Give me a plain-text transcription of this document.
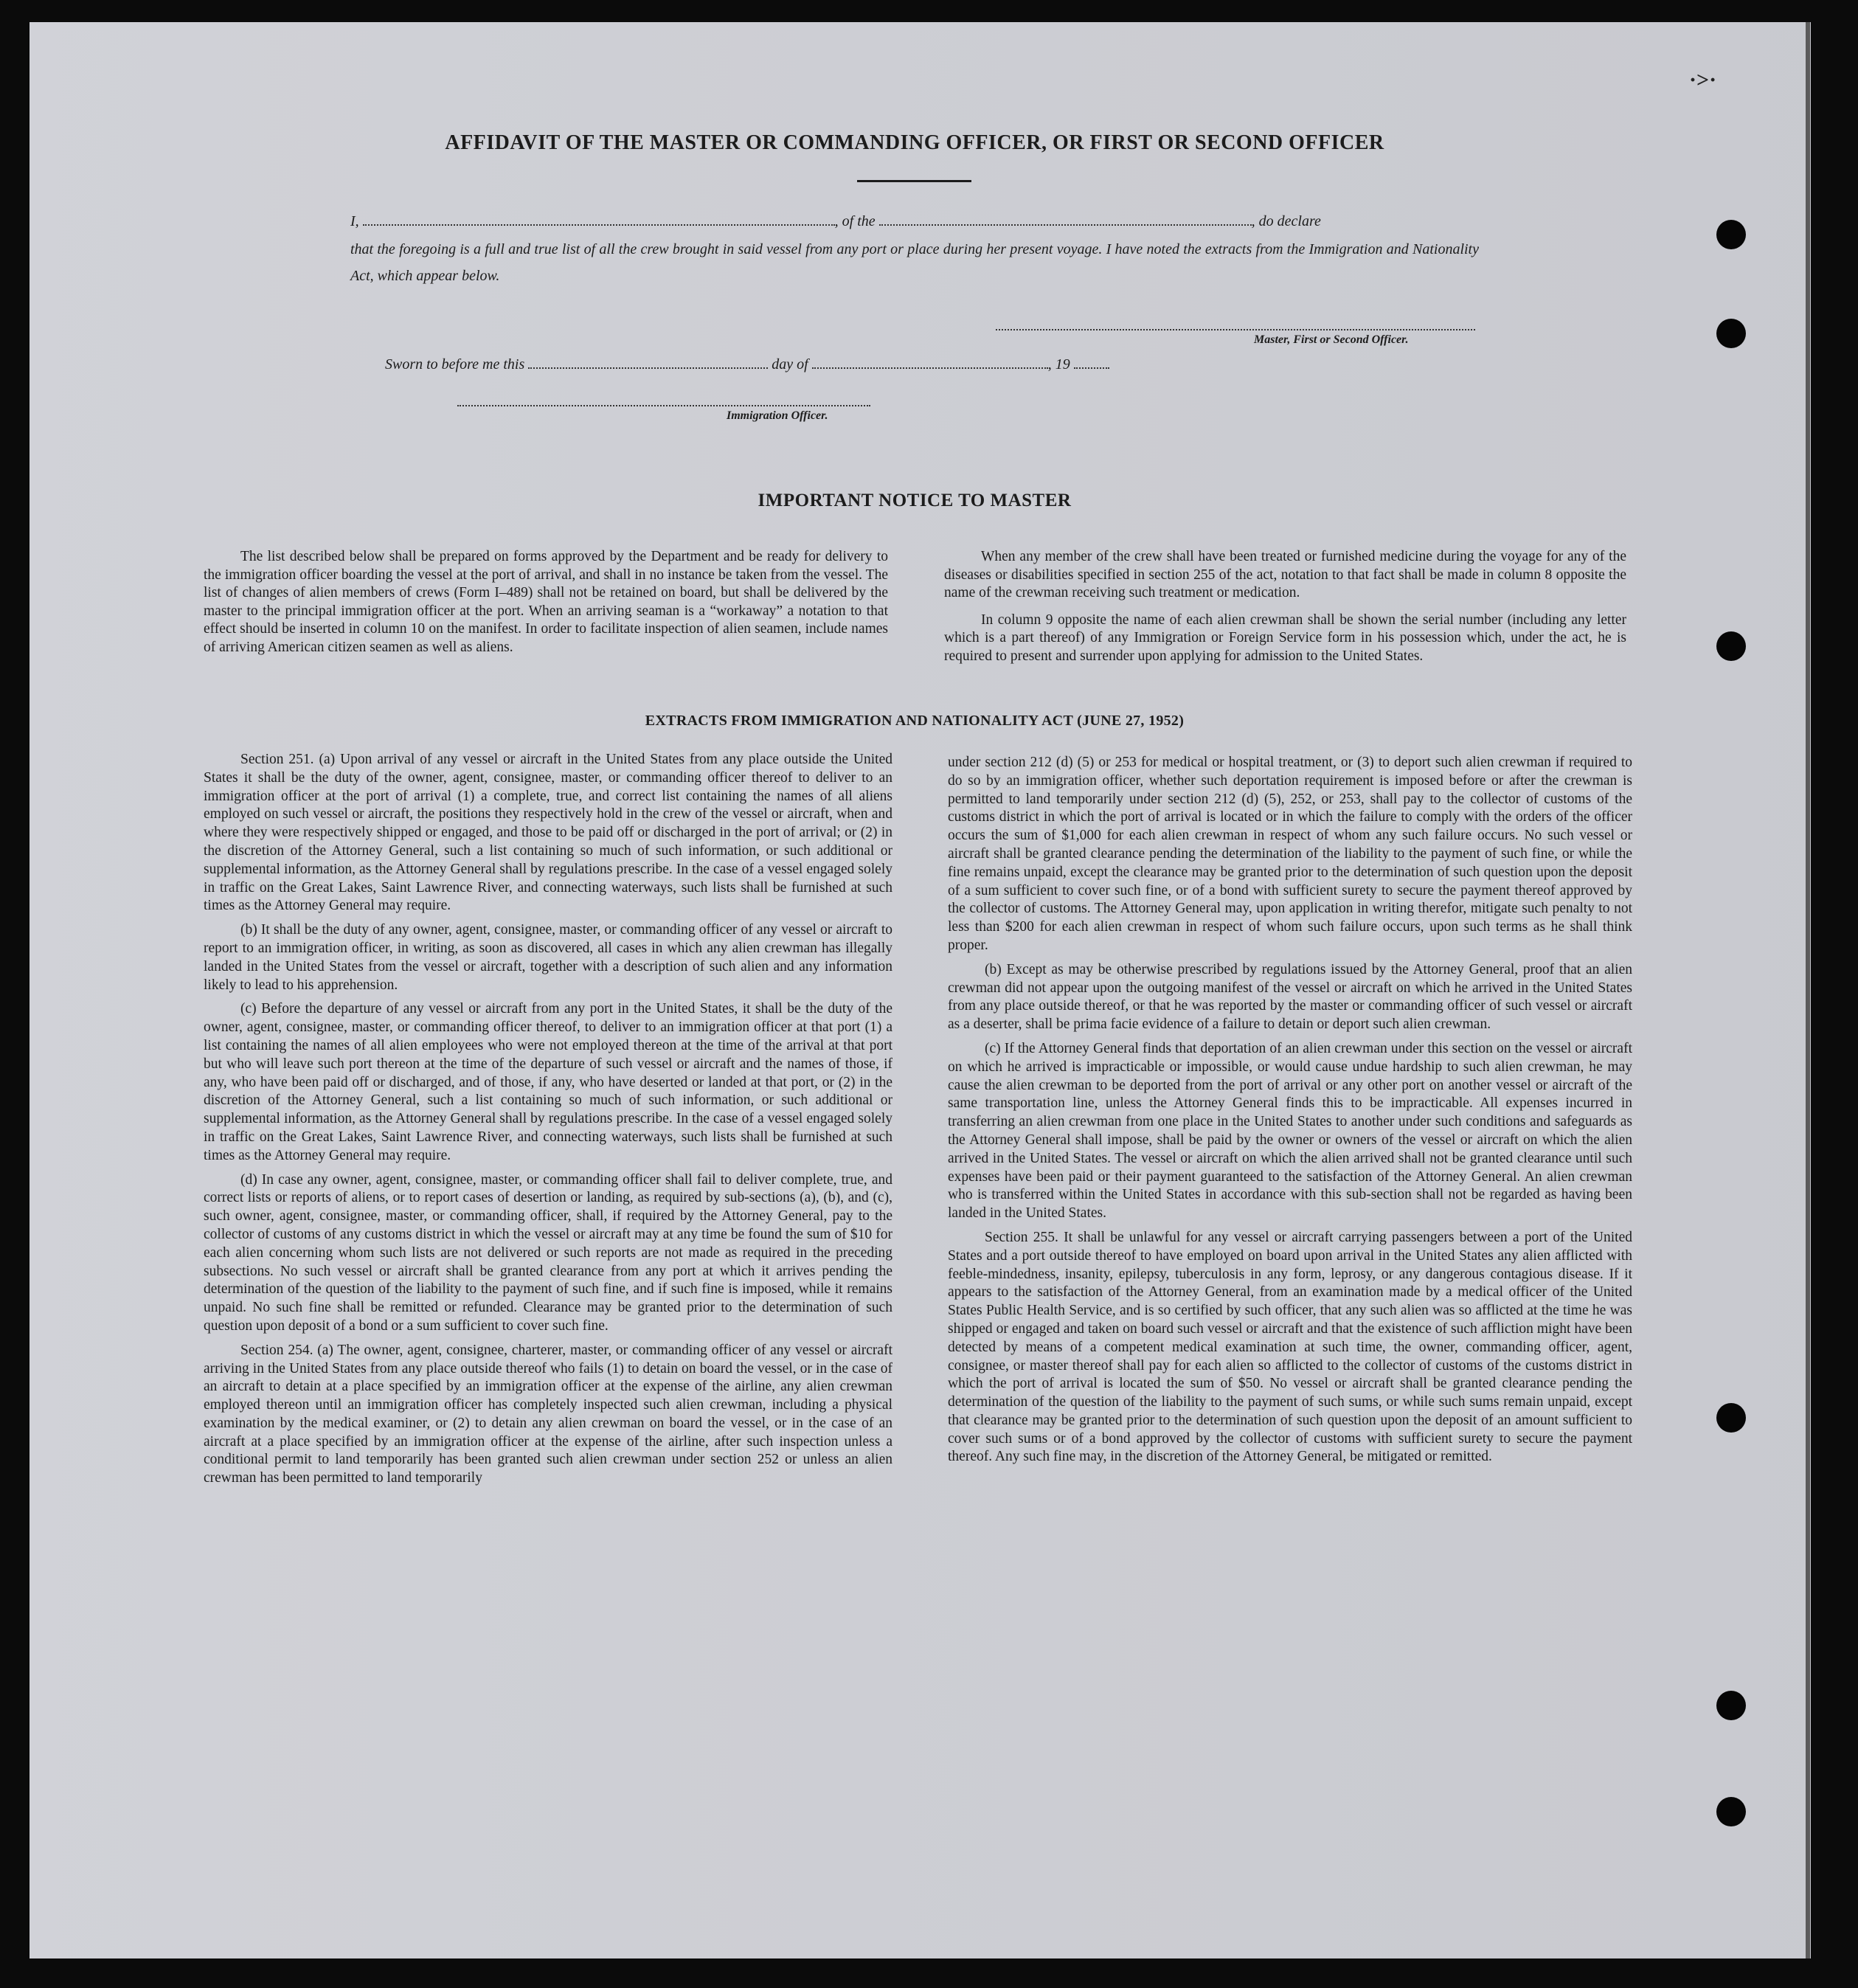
·>·
AFFIDAVIT OF THE MASTER OR COMMANDING OFFICER, OR FIRST OR SECOND OFFICER
I,	, of the	, do declare
that the foregoing is a full and true list of all the crew brought in said vessel from any port or place during her present voyage. I have noted the extracts from the Immigration and Nationality Act, which appear below.
Master, First or Second Officer.
Sworn to before me this	day of	, 19
Immigration Officer.
IMPORTANT NOTICE TO MASTER

The list described below shall be prepared on forms approved by the Department and be ready for delivery to the immigration officer boarding the vessel at the port of arrival, and shall in no instance be taken from the vessel. The list of changes of alien members of crews (Form I–489) shall not be retained on board, but shall be delivered by the master to the principal immigration officer at the port. When an arriving seaman is a “workaway” a notation to that effect should be inserted in column 10 on the manifest. In order to facilitate inspection of alien seamen, include names of arriving American citizen seamen as well as aliens.

When any member of the crew shall have been treated or furnished medicine during the voyage for any of the diseases or disabilities specified in section 255 of the act, notation to that fact shall be made in column 8 opposite the name of the crewman receiving such treatment or medication.

In column 9 opposite the name of each alien crewman shall be shown the serial number (including any letter which is a part thereof) of any Immigration or Foreign Service form in his possession which, under the act, he is required to present and surrender upon applying for admission to the United States.

EXTRACTS FROM IMMIGRATION AND NATIONALITY ACT (JUNE 27, 1952)

Section 251. (a) Upon arrival of any vessel or aircraft in the United States from any place outside the United States it shall be the duty of the owner, agent, consignee, master, or commanding officer thereof to deliver to an immigration officer at the port of arrival (1) a complete, true, and correct list containing the names of all aliens employed on such vessel or aircraft, the positions they respectively hold in the crew of the vessel or aircraft, when and where they were respectively shipped or engaged, and those to be paid off or discharged in the port of arrival; or (2) in the discretion of the Attorney General, such a list containing so much of such information, or such additional or supplemental information, as the Attorney General shall by regulations prescribe. In the case of a vessel engaged solely in traffic on the Great Lakes, Saint Lawrence River, and connecting waterways, such lists shall be furnished at such times as the Attorney General may require.

(b) It shall be the duty of any owner, agent, consignee, master, or commanding officer of any vessel or aircraft to report to an immigration officer, in writing, as soon as discovered, all cases in which any alien crewman has illegally landed in the United States from the vessel or aircraft, together with a description of such alien and any information likely to lead to his apprehension.

(c) Before the departure of any vessel or aircraft from any port in the United States, it shall be the duty of the owner, agent, consignee, master, or commanding officer thereof, to deliver to an immigration officer at that port (1) a list containing the names of all alien employees who were not employed thereon at the time of the arrival at that port but who will leave such port thereon at the time of the departure of such vessel or aircraft and the names of those, if any, who have been paid off or discharged, and of those, if any, who have deserted or landed at that port, or (2) in the discretion of the Attorney General, such a list containing so much of such information, or such additional or supplemental information, as the Attorney General shall by regulations prescribe. In the case of a vessel engaged solely in traffic on the Great Lakes, Saint Lawrence River, and connecting waterways, such lists shall be furnished at such times as the Attorney General may require.

(d) In case any owner, agent, consignee, master, or commanding officer shall fail to deliver complete, true, and correct lists or reports of aliens, or to report cases of desertion or landing, as required by sub-sections (a), (b), and (c), such owner, agent, consignee, master, or commanding officer, shall, if required by the Attorney General, pay to the collector of customs of any customs district in which the vessel or aircraft may at any time be found the sum of $10 for each alien concerning whom such lists are not delivered or such reports are not made as required in the preceding subsections. No such vessel or aircraft shall be granted clearance from any port at which it arrives pending the determination of the question of the liability to the payment of such fine, and if such fine is imposed, while it remains unpaid. No such fine shall be remitted or refunded. Clearance may be granted prior to the determination of such question upon deposit of a bond or a sum sufficient to cover such fine.

Section 254. (a) The owner, agent, consignee, charterer, master, or commanding officer of any vessel or aircraft arriving in the United States from any place outside thereof who fails (1) to detain on board the vessel, or in the case of an aircraft to detain at a place specified by an immigration officer at the expense of the airline, any alien crewman employed thereon until an immigration officer has completely inspected such alien crewman, including a physical examination by the medical examiner, or (2) to detain any alien crewman on board the vessel, or in the case of an aircraft at a place specified by an immigration officer at the expense of the airline, after such inspection unless a conditional permit to land temporarily has been granted such alien crewman under section 252 or unless an alien crewman has been permitted to land temporarily

under section 212 (d) (5) or 253 for medical or hospital treatment, or (3) to deport such alien crewman if required to do so by an immigration officer, whether such deportation requirement is imposed before or after the crewman is permitted to land temporarily under section 212 (d) (5), 252, or 253, shall pay to the collector of customs of the customs district in which the port of arrival is located or in which the failure to comply with the orders of the officer occurs the sum of $1,000 for each alien crewman in respect of whom any such failure occurs. No such vessel or aircraft shall be granted clearance pending the determination of the liability to the payment of such fine, or while the fine remains unpaid, except the clearance may be granted prior to the determination of such question upon the deposit of a sum sufficient to cover such fine, or of a bond with sufficient surety to secure the payment thereof approved by the collector of customs. The Attorney General may, upon application in writing therefor, mitigate such penalty to not less than $200 for each alien crewman in respect of whom such failure occurs, upon such terms as he shall think proper.

(b) Except as may be otherwise prescribed by regulations issued by the Attorney General, proof that an alien crewman did not appear upon the outgoing manifest of the vessel or aircraft on which he arrived in the United States from any place outside thereof, or that he was reported by the master or commanding officer of such vessel or aircraft as a deserter, shall be prima facie evidence of a failure to detain or deport such alien crewman.

(c) If the Attorney General finds that deportation of an alien crewman under this section on the vessel or aircraft on which he arrived is impracticable or impossible, or would cause undue hardship to such alien crewman, he may cause the alien crewman to be deported from the port of arrival or any other port on another vessel or aircraft of the same transportation line, unless the Attorney General finds this to be impracticable. All expenses incurred in transferring an alien crewman from one place in the United States to another under such conditions and safeguards as the Attorney General shall impose, shall be paid by the owner or owners of the vessel or aircraft on which the alien arrived in the United States. The vessel or aircraft on which the alien arrived shall not be granted clearance until such expenses have been paid or their payment guaranteed to the satisfaction of the Attorney General. An alien crewman who is transferred within the United States in accordance with this sub-section shall not be regarded as having been landed in the United States.

Section 255. It shall be unlawful for any vessel or aircraft carrying passengers between a port of the United States and a port outside thereof to have employed on board upon arrival in the United States any alien afflicted with feeble-mindedness, insanity, epilepsy, tuberculosis in any form, leprosy, or any dangerous contagious disease. If it appears to the satisfaction of the Attorney General, from an examination made by a medical officer of the United States Public Health Service, and is so certified by such officer, that any such alien was so afflicted at the time he was shipped or engaged and taken on board such vessel or aircraft and that the existence of such affliction might have been detected by means of a competent medical examination at such time, the owner, commanding officer, agent, consignee, or master thereof shall pay for each alien so afflicted to the collector of customs of the customs district in which the port of arrival is located the sum of $50. No vessel or aircraft shall be granted clearance pending the determination of the question of the liability to the payment of such sums, or while such sums remain unpaid, except that clearance may be granted prior to the determination of such question upon the deposit of an amount sufficient to cover such sums or of a bond approved by the collector of customs with sufficient surety to secure the payment thereof. Any such fine may, in the discretion of the Attorney General, be mitigated or remitted.
